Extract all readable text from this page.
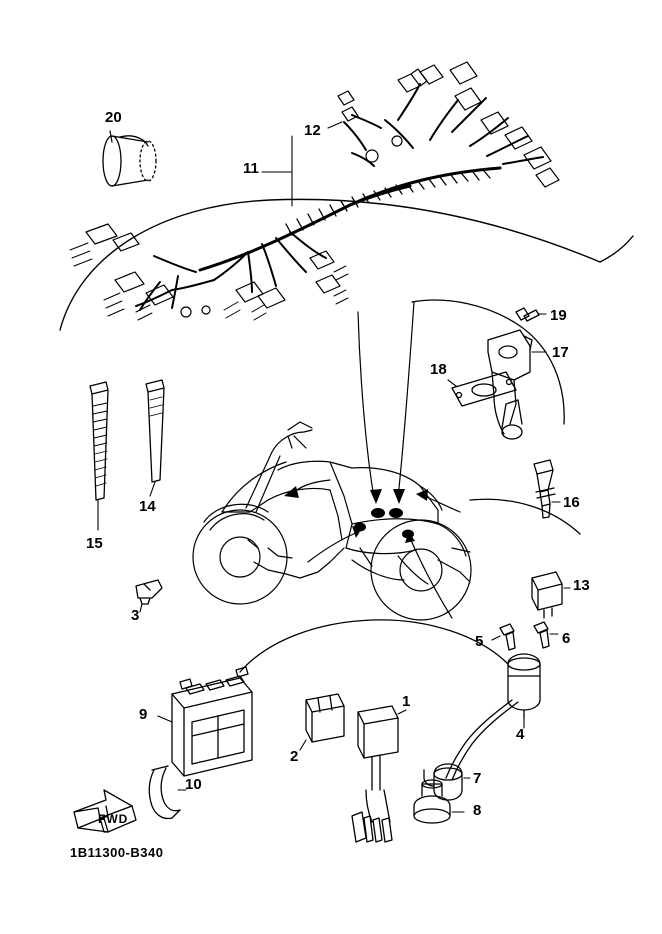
20
12
11
19
17
18
16
13
14
15
3
5	6
4
9
10
2
1
7
8
FWD
1B11300-B340
